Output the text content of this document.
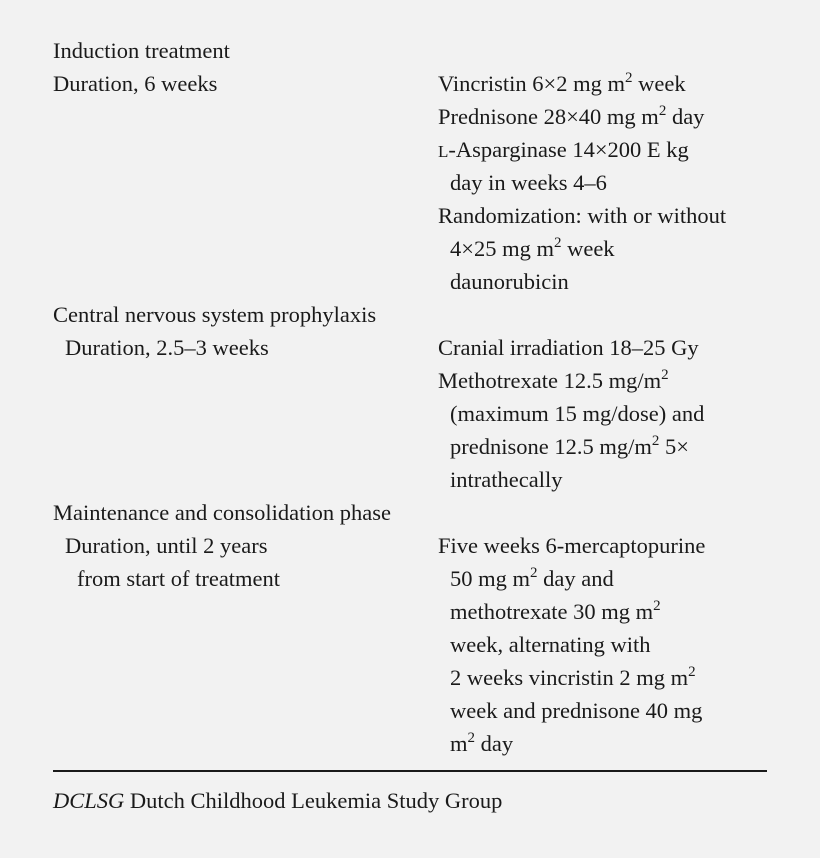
Induction treatment
Duration, 6 weeks	Vincristin 6×2 mg $m^2$ week
Prednisone 28×40 mg $m^2$ day
L-Asparginase 14×200 E kg
day in weeks 4–6
Randomization: with or without
4×25 mg $m^2$ week
daunorubicin
Central nervous system prophylaxis
Duration, 2.5–3 weeks	Cranial irradiation 18–25 Gy
Methotrexate 12.5 $mg/m^2$
(maximum 15 mg/dose) and
prednisone 12.5 $mg/m^2$ 5×
intrathecally
Maintenance and consolidation phase
Duration, until 2 years
from start of treatment
Five weeks 6-mercaptopurine
50 mg $m^2$ day and
methotrexate 30 mg $m^2$
week, alternating with
2 weeks vincristin 2 mg $m^2$
week and prednisone 40 mg
$m^2$ day
DCLSG Dutch Childhood Leukemia Study Group
